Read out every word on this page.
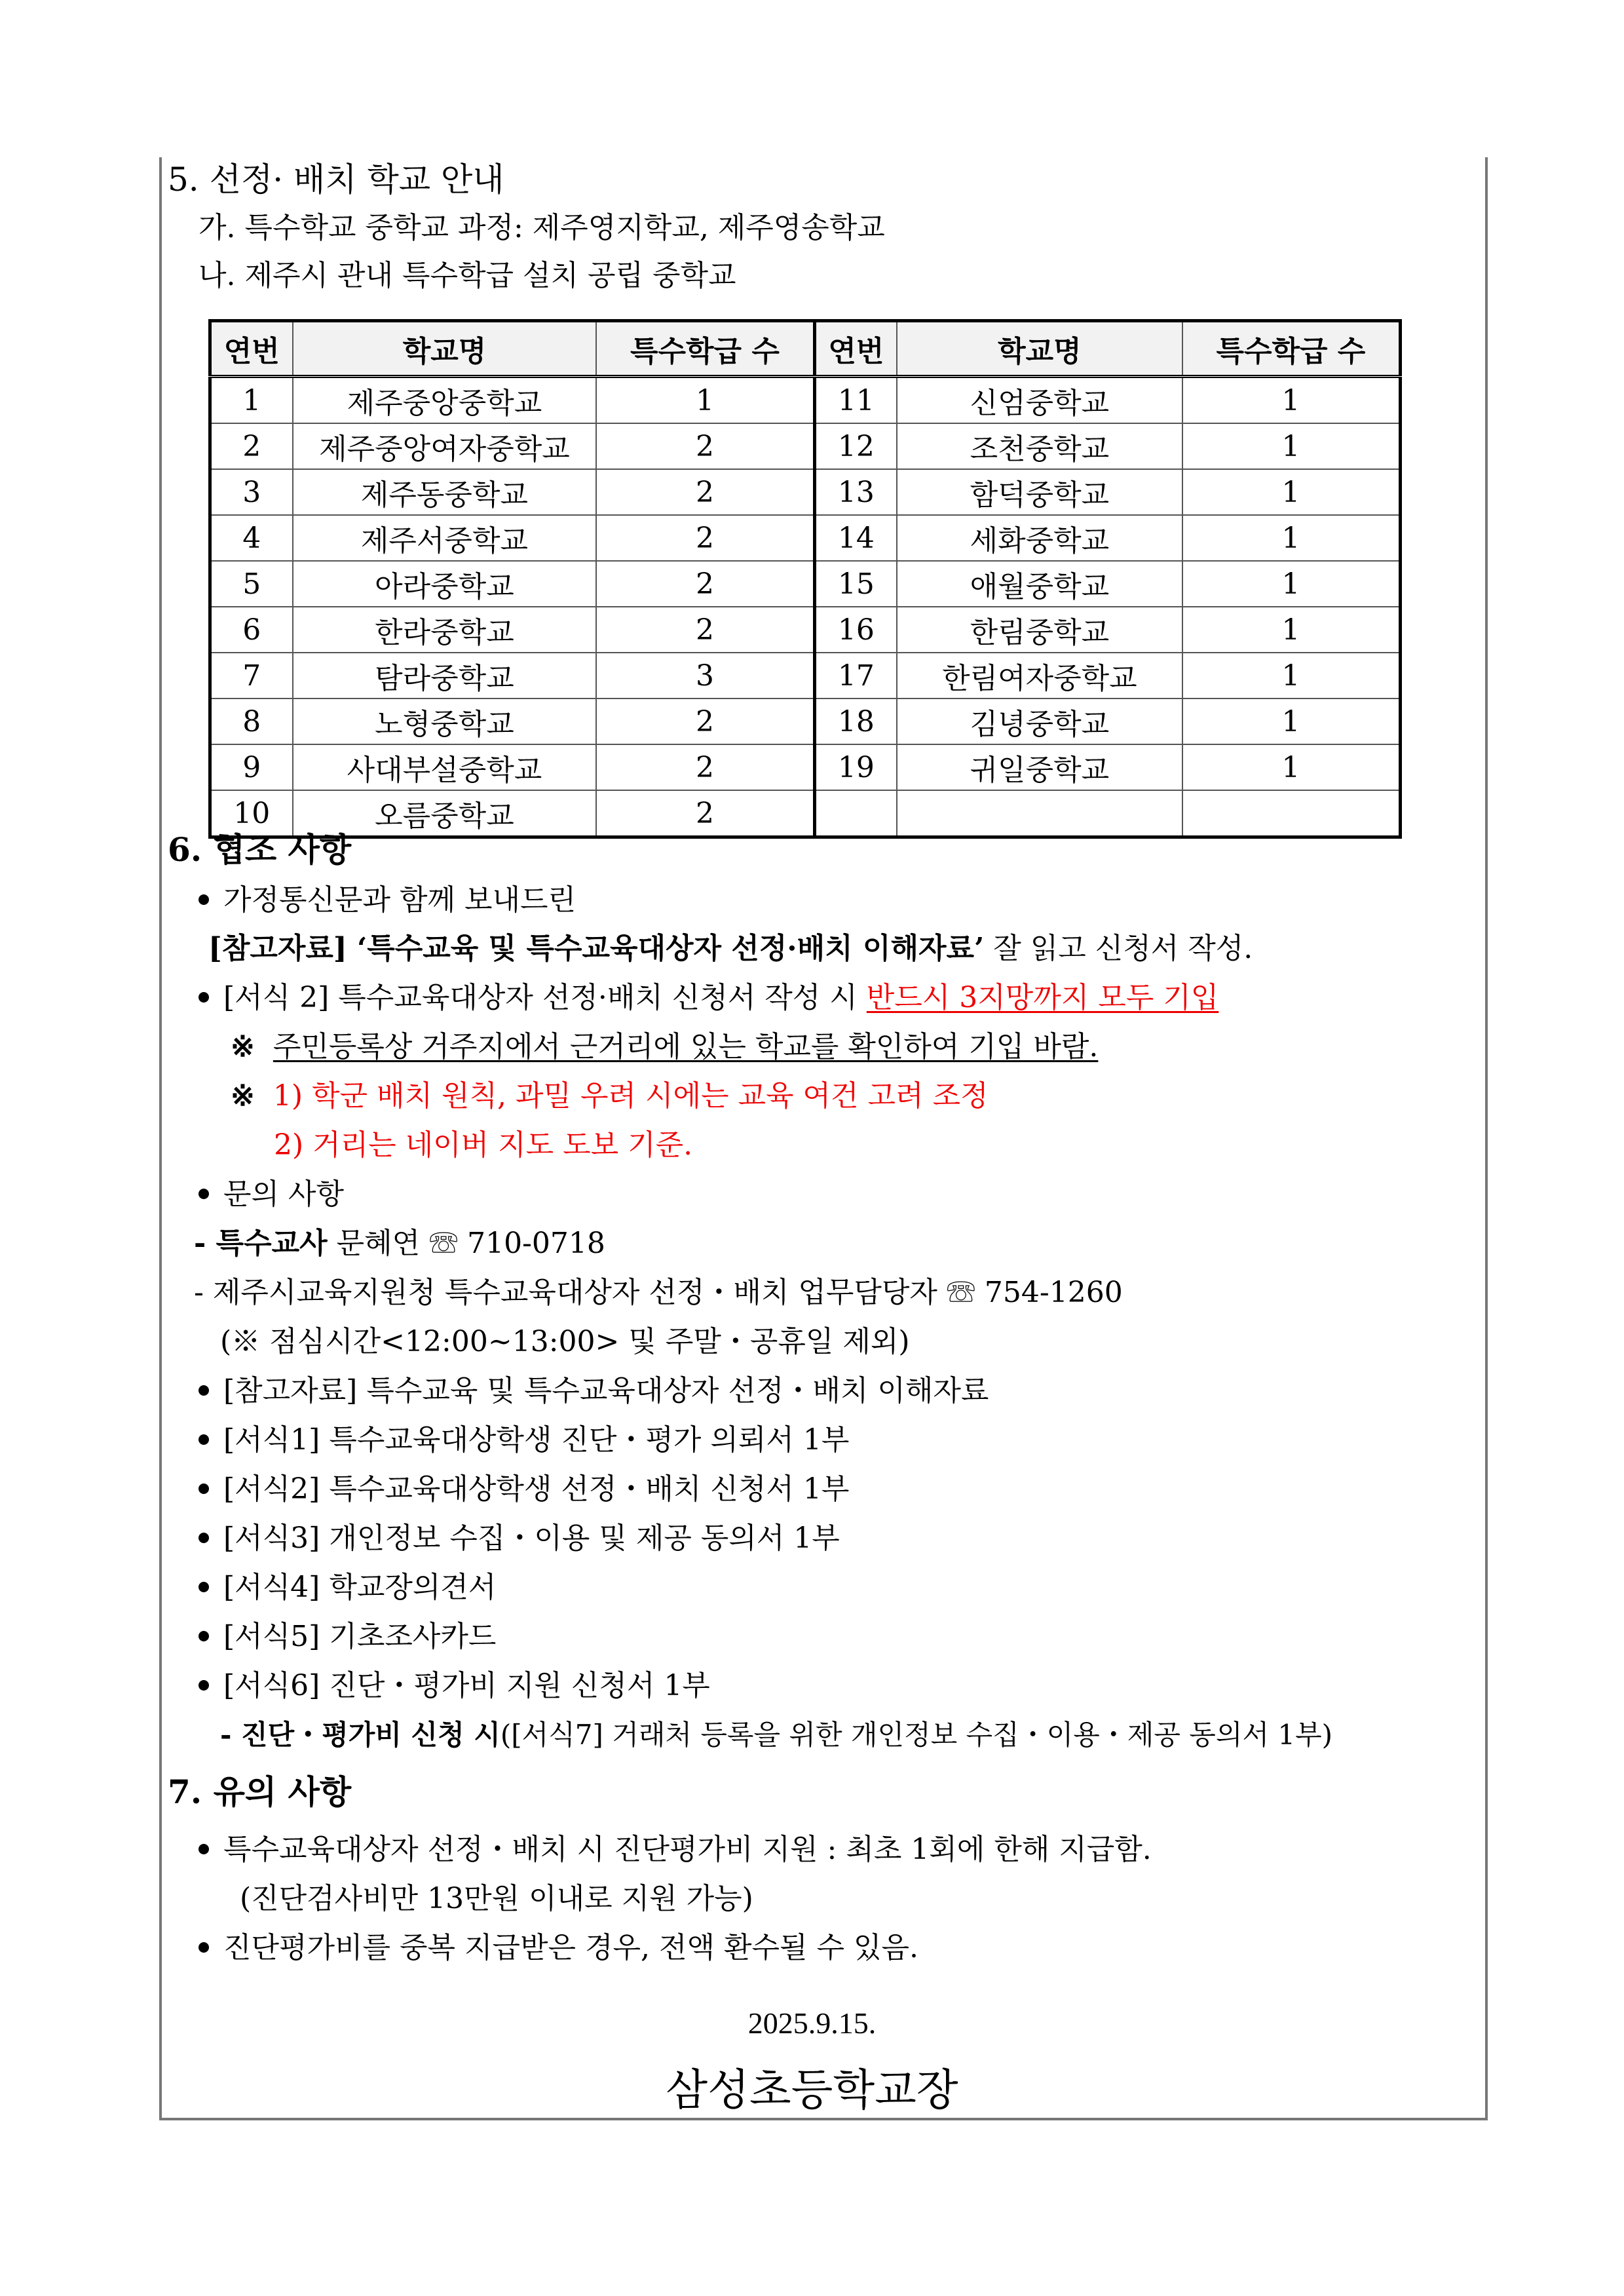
5. 선정· 배치 학교 안내
가. 특수학교 중학교 과정: 제주영지학교, 제주영송학교
나. 제주시 관내 특수학급 설치 공립 중학교
연번	학교명	특수학급 수	연번	학교명	특수학급 수
1	제주중앙중학교	1	11	신엄중학교	1
2	제주중앙여자중학교	2	12	조천중학교	1
3	제주동중학교	2	13	함덕중학교	1
4	제주서중학교	2	14	세화중학교	1
5	아라중학교	2	15	애월중학교	1
6	한라중학교	2	16	한림중학교	1
7	탐라중학교	3	17	한림여자중학교	1
8	노형중학교	2	18	김녕중학교	1
9	사대부설중학교	2	19	귀일중학교	1
10	오름중학교	2			
6. 협조 사항
가정통신문과 함께 보내드린
[참고자료] ‘특수교육 및 특수교육대상자 선정·배치 이해자료’ 잘 읽고 신청서 작성.
[서식 2] 특수교육대상자 선정·배치 신청서 작성 시 반드시 3지망까지 모두 기입
※ 주민등록상 거주지에서 근거리에 있는 학교를 확인하여 기입 바람.
※ 1) 학군 배치 원칙, 과밀 우려 시에는 교육 여건 고려 조정
2) 거리는 네이버 지도 도보 기준.
문의 사항
- 특수교사 문혜연 ☏ 710-0718
- 제주시교육지원청 특수교육대상자 선정・배치 업무담당자 ☏ 754-1260
(※ 점심시간<12:00~13:00> 및 주말・공휴일 제외)
[참고자료] 특수교육 및 특수교육대상자 선정・배치 이해자료
[서식1] 특수교육대상학생 진단・평가 의뢰서 1부
[서식2] 특수교육대상학생 선정・배치 신청서 1부
[서식3] 개인정보 수집・이용 및 제공 동의서 1부
[서식4] 학교장의견서
[서식5] 기초조사카드
[서식6] 진단・평가비 지원 신청서 1부
- 진단・평가비 신청 시([서식7] 거래처 등록을 위한 개인정보 수집・이용・제공 동의서 1부)
7. 유의 사항
특수교육대상자 선정・배치 시 진단평가비 지원 : 최초 1회에 한해 지급함.
(진단검사비만 13만원 이내로 지원 가능)
진단평가비를 중복 지급받은 경우, 전액 환수될 수 있음.
2025.9.15.
삼성초등학교장
